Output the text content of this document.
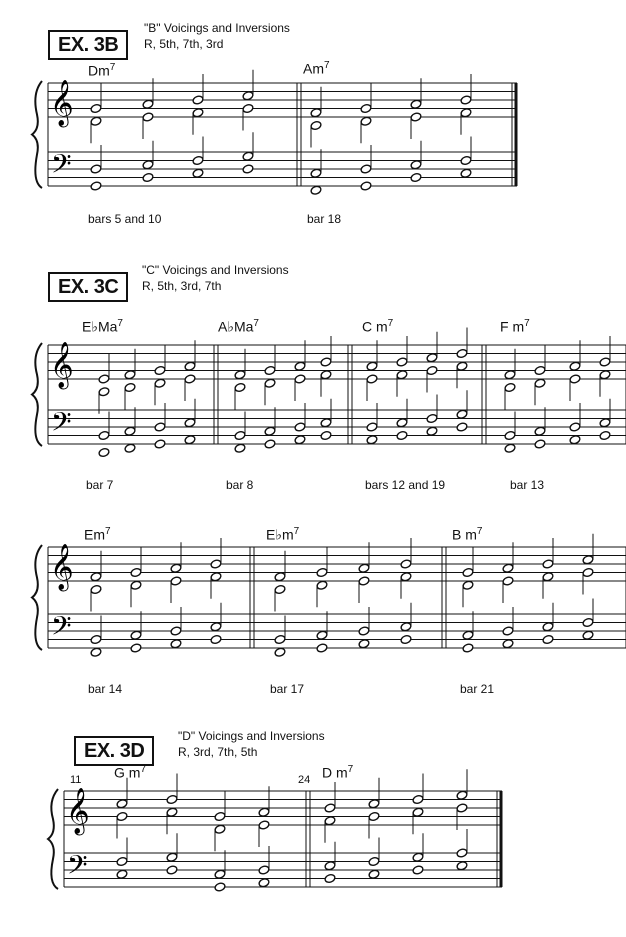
EX. 3B
"B" Voicings and Inversions
R, 5th, 7th, 3rd
Dm$^7$	Am$^7$
bars 5 and 10	bar 18
EX. 3C
"C" Voicings and Inversions
R, 5th, 3rd, 7th
E♭Ma$^7$	A♭Ma$^7$	C $m^7$	F $m^7$
bar 7	bar 8	bars 12 and 19	bar 13
Em$^7$	$E♭m^7$	B $m^7$
bar 14	bar 17	bar 21
EX. 3D
"D" Voicings and Inversions
R, 3rd, 7th, 5th
11	24
G $m^7$	D $m^7$
𝄞
𝄢
𝄞
𝄢
𝄞
𝄢
𝄞
𝄢
